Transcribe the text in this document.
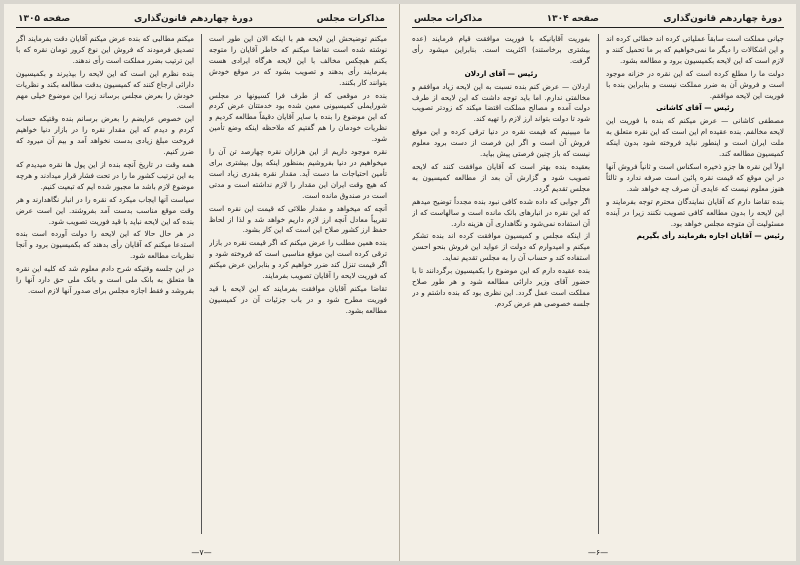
مذاکرات مجلس
دورهٔ چهاردهم قانون‌گذاری
صفحه ۱۳۰۵

میکنم توضیحش این لایحه هم با اینکه الان این طور است نوشته شده است تقاضا میکنم که خاطر آقایان را متوجه بکنم هیچکس مخالف با این لایحه هرگاه ایرادی هست بفرمایند رأی بدهند و تصویب بشود که در موقع خودش بتوانند کار بکنند.

بنده در موقعی که از طرف فرا کسیونها در مجلس شورایملی کمیسیونی معین شده بود خدمتتان عرض کردم که این موضوع را بنده با سایر آقایان دقیقاً مطالعه کردیم و نظریات خودمان را هم گفتیم که ملاحظه اینکه وضع تأمین شود.

نقره موجود داریم از این هزاران نقره چهارصد تن آن را میخواهیم در دنیا بفروشیم بمنظور اینکه پول بیشتری برای تأمین احتیاجات ما دست آید. مقدار نقره بقدری زیاد است که هیچ وقت ایران این مقدار را لازم نداشته است و مدتی است در صندوق مانده است.

آنچه که میخواهد و مقدار طلائی که قیمت این نقره است تقریباً معادل آنچه ارز لازم داریم خواهد شد و لذا از لحاظ حفظ ارز کشور صلاح این است که این کار بشود.

بنده همین مطلب را عرض میکنم که اگر قیمت نقره در بازار ترقی کرده است این موقع مناسبی است که فروخته شود و اگر قیمت تنزل کند ضرر خواهیم کرد و بنابراین عرض میکنم که فوریت لایحه را آقایان تصویب بفرمایند.

تقاضا میکنم آقایان موافقت بفرمایند که این لایحه با قید فوریت مطرح شود و در باب جزئیات آن در کمیسیون مطالعه بشود.

میکنم مطالبی که بنده عرض میکنم آقایان دقت بفرمایند اگر تصدیق فرمودند که فروش این نوع کرور تومان نقره که با این ترتیب بضرر مملکت است رأی ندهند.

بنده نظرم این است که این لایحه را بپذیرند و بکمیسیون دارائی ارجاع کنند که کمیسیون بدقت مطالعه بکند و نظریات خودش را بعرض مجلس برساند زیرا این موضوع خیلی مهم است.

این خصوص عرایضم را بعرض برسانم بنده وقتیکه حساب کردم و دیدم که این مقدار نقره را در بازار دنیا خواهیم فروخت مبلغ زیادی بدست نخواهد آمد و بیم آن میرود که ضرر کنیم.

همه وقت در تاریخ آنچه بنده از این پول ها نقره میدیدم که به این ترتیب کشور ما را در تحت فشار قرار میدادند و هرچه موضوع لازم باشد ما مجبور شده ایم که تبعیت کنیم.

سیاست آنها ایجاب میکرد که نقره را در انبار نگاهدارند و هر وقت موقع مناسب بدست آمد بفروشند. این است عرض بنده که این لایحه نباید با قید فوریت تصویب شود.

در هر حال حالا که این لایحه را دولت آورده است بنده استدعا میکنم که آقایان رأی بدهند که بکمیسیون برود و آنجا نظریات مطالعه شود.

در این جلسه وقتیکه شرح دادم معلوم شد که کلیه این نقره ها متعلق به بانک ملی است و بانک ملی حق دارد آنها را بفروشد و فقط اجازه مجلس برای صدور آنها لازم است.

—۷—
دورهٔ چهاردهم قانون‌گذاری
صفحه ۱۳۰۴
مذاکرات مجلس

جیانی مملکت است سابقاً عملیاتی کرده اند خطائی کرده اند و این اشکالات را دیگر ما نمی‌خواهیم که بر ما تحمیل کنند و لازم است که این لایحه بکمیسیون برود و مطالعه بشود.

دولت ما را مطلع کرده است که این نقره در خزانه موجود است و فروش آن به ضرر مملکت نیست و بنابراین بنده با فوریت این لایحه موافقم.

رئیس — آقای کاشانی

مصطفی کاشانی — عرض میکنم که بنده با فوریت این لایحه مخالفم. بنده عقیده ام این است که این نقره متعلق به ملت ایران است و اینطور نباید فروخته شود بدون اینکه کمیسیون مطالعه کند.

اولاً این نقره ها جزو ذخیره اسکناس است و ثانیاً فروش آنها در این موقع که قیمت نقره پائین است صرفه ندارد و ثالثاً هنوز معلوم نیست که عایدی آن صرف چه خواهد شد.

بنده تقاضا دارم که آقایان نمایندگان محترم توجه بفرمایند و این لایحه را بدون مطالعه کافی تصویب نکنند زیرا در آینده مسئولیت آن متوجه مجلس خواهد بود.

رئیس — آقایان اجازه بفرمایند رأی بگیریم

بفوریت آقایانیکه با فوریت موافقت قیام فرمایند (عده بیشتری برخاستند) اکثریت است. بنابراین میشود رأی گرفت.

رئیس — آقای اردلان

اردلان — عرض کنم بنده نسبت به این لایحه زیاد موافقم و مخالفتی ندارم. اما باید توجه داشت که این لایحه از طرف دولت آمده و مصالح مملکت اقتضا میکند که زودتر تصویب شود تا دولت بتواند ارز لازم را تهیه کند.

ما میبینیم که قیمت نقره در دنیا ترقی کرده و این موقع فروش آن است و اگر این فرصت از دست برود معلوم نیست که باز چنین فرصتی پیش بیاید.

بعقیده بنده بهتر است که آقایان موافقت کنند که لایحه تصویب شود و گزارش آن بعد از مطالعه کمیسیون به مجلس تقدیم گردد.

اگر جوابی که داده شده کافی نبود بنده مجدداً توضیح میدهم که این نقره در انبارهای بانک مانده است و سالهاست که از آن استفاده نمی‌شود و نگاهداری آن هزینه دارد.

از اینکه مجلس و کمیسیون موافقت کرده اند بنده تشکر میکنم و امیدوارم که دولت از عواید این فروش بنحو احسن استفاده کند و حساب آن را به مجلس تقدیم نماید.

بنده عقیده دارم که این موضوع را بکمیسیون برگردانند تا با حضور آقای وزیر دارائی مطالعه شود و هر طور صلاح مملکت است عمل گردد. این نظری بود که بنده داشتم و در جلسه خصوصی هم عرض کردم.

—۶—
